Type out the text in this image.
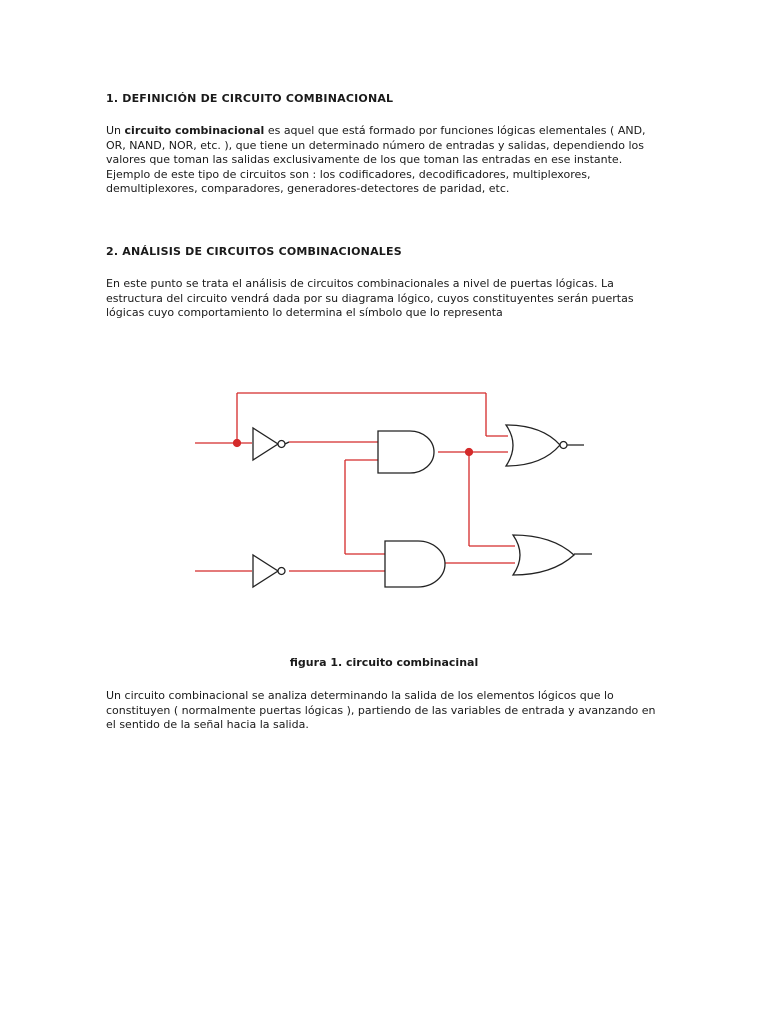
1. DEFINICIÓN DE CIRCUITO COMBINACIONAL

Un circuito combinacional es aquel que está formado por funciones lógicas elementales ( AND, OR, NAND, NOR, etc. ), que tiene un determinado número de entradas y salidas, dependiendo los valores que toman las salidas exclusivamente de los que toman las entradas en ese instante. Ejemplo de este tipo de circuitos son : los codificadores, decodificadores, multiplexores, demultiplexores, comparadores, generadores-detectores de paridad, etc.

2. ANÁLISIS DE CIRCUITOS COMBINACIONALES

En este punto se trata el análisis de circuitos combinacionales a nivel de puertas lógicas. La estructura del circuito vendrá dada por su diagrama lógico, cuyos constituyentes serán puertas lógicas cuyo comportamiento lo determina el símbolo que lo representa

figura 1. circuito combinacinal

Un circuito combinacional se analiza determinando la salida de los elementos lógicos que lo constituyen ( normalmente puertas lógicas ), partiendo de las variables de entrada y avanzando en el sentido de la señal hacia la salida.
